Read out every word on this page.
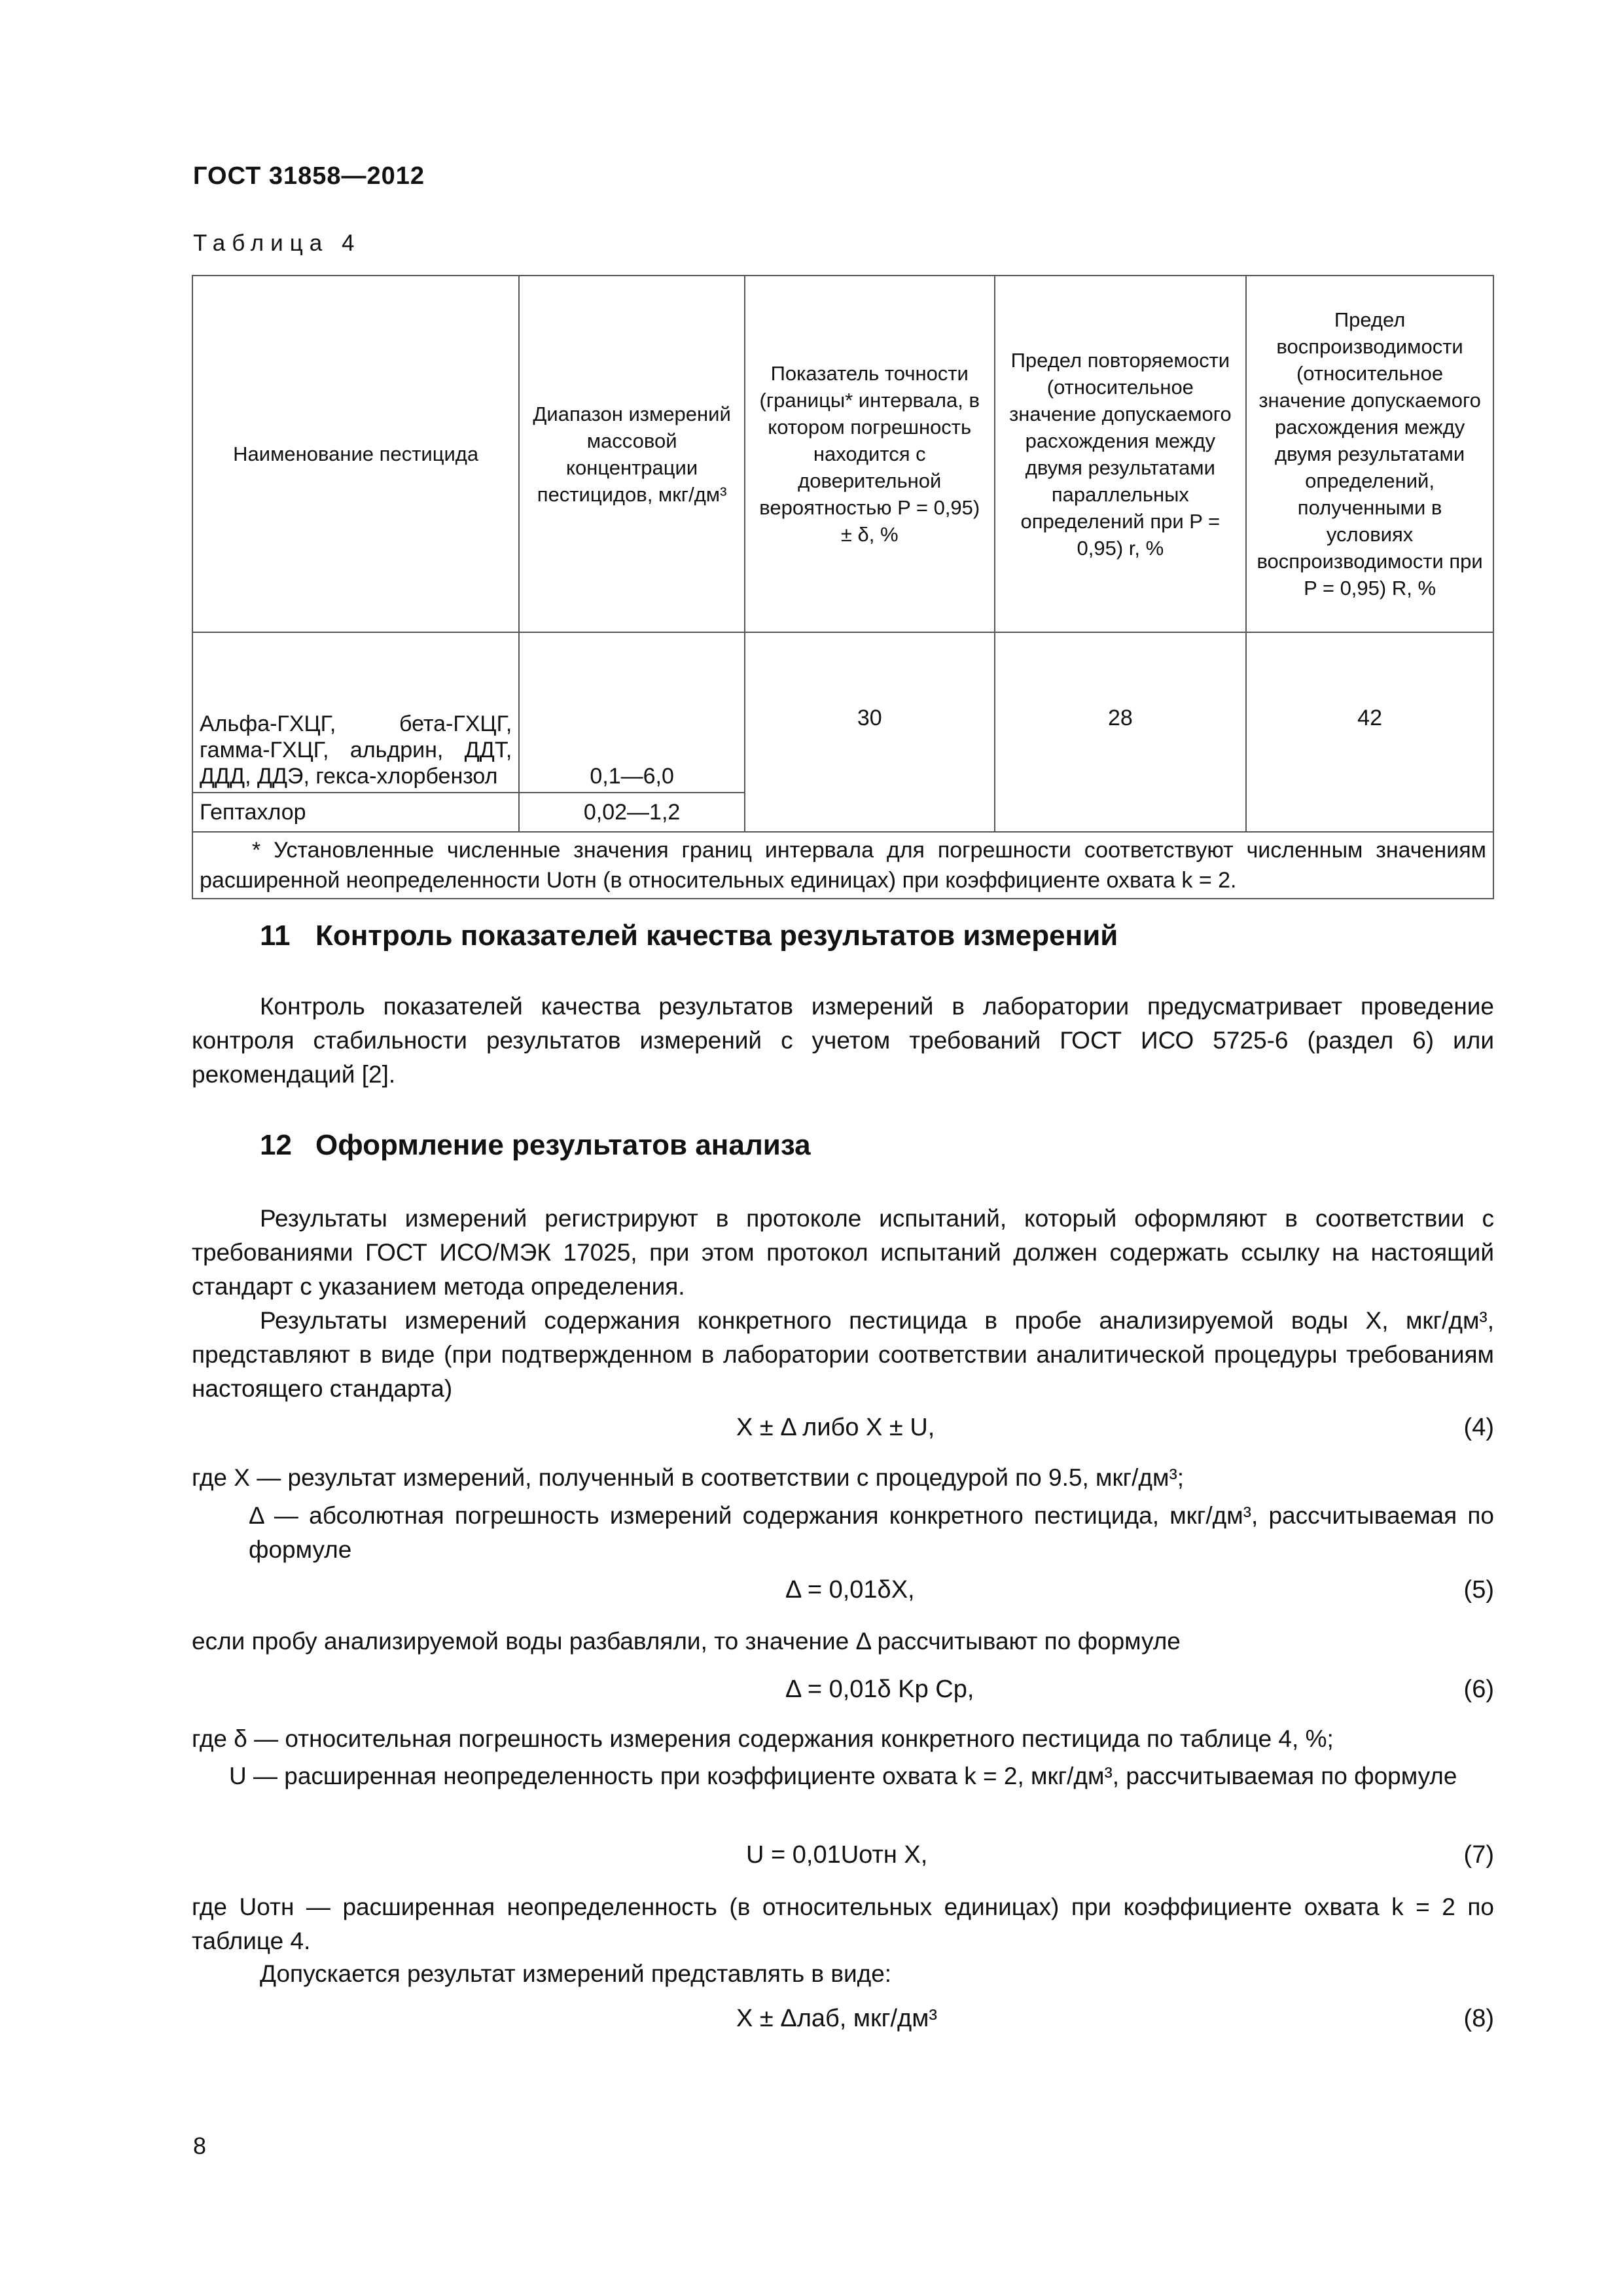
ГОСТ 31858—2012
Таблица 4
Наименование пестицида	Диапазон измерений массовой концентрации пестицидов, мкг/дм³	Показатель точности (границы* интервала, в котором погрешность находится с доверительной вероятностью P = 0,95) ± δ, %	Предел повторяемости (относительное значение допускаемого расхождения между двумя результатами параллельных определений при P = 0,95) r, %	Предел воспроизводимости (относительное значение допускаемого расхождения между двумя результатами определений, полученными в условиях воспроизводимости при P = 0,95) R, %
Альфа-ГХЦГ, бета-ГХЦГ, гамма-ГХЦГ, альдрин, ДДТ, ДДД, ДДЭ, гекса-хлорбензол	0,1—6,0	30	28	42
Гептахлор	0,02—1,2			
* Установленные численные значения границ интервала для погрешности соответствуют численным значениям расширенной неопределенности Uотн (в относительных единицах) при коэффициенте охвата k = 2.				
11 Контроль показателей качества результатов измерений
Контроль показателей качества результатов измерений в лаборатории предусматривает проведение контроля стабильности результатов измерений с учетом требований ГОСТ ИСО 5725-6 (раздел 6) или рекомендаций [2].
12 Оформление результатов анализа
Результаты измерений регистрируют в протоколе испытаний, который оформляют в соответствии с требованиями ГОСТ ИСО/МЭК 17025, при этом протокол испытаний должен содержать ссылку на настоящий стандарт с указанием метода определения.
Результаты измерений содержания конкретного пестицида в пробе анализируемой воды X, мкг/дм³, представляют в виде (при подтвержденном в лаборатории соответствии аналитической процедуры требованиям настоящего стандарта)
X ± Δ либо X ± U,	(4)
где X — результат измерений, полученный в соответствии с процедурой по 9.5, мкг/дм³;
Δ — абсолютная погрешность измерений содержания конкретного пестицида, мкг/дм³, рассчитываемая по формуле
Δ = 0,01δX,	(5)
если пробу анализируемой воды разбавляли, то значение Δ рассчитывают по формуле
Δ = 0,01δ Kp Cp,	(6)
где δ — относительная погрешность измерения содержания конкретного пестицида по таблице 4, %;
U — расширенная неопределенность при коэффициенте охвата k = 2, мкг/дм³, рассчитываемая по формуле
U = 0,01Uотн X,	(7)
где Uотн — расширенная неопределенность (в относительных единицах) при коэффициенте охвата k = 2 по таблице 4.
Допускается результат измерений представлять в виде:
X ± Δлаб, мкг/дм³	(8)
8
